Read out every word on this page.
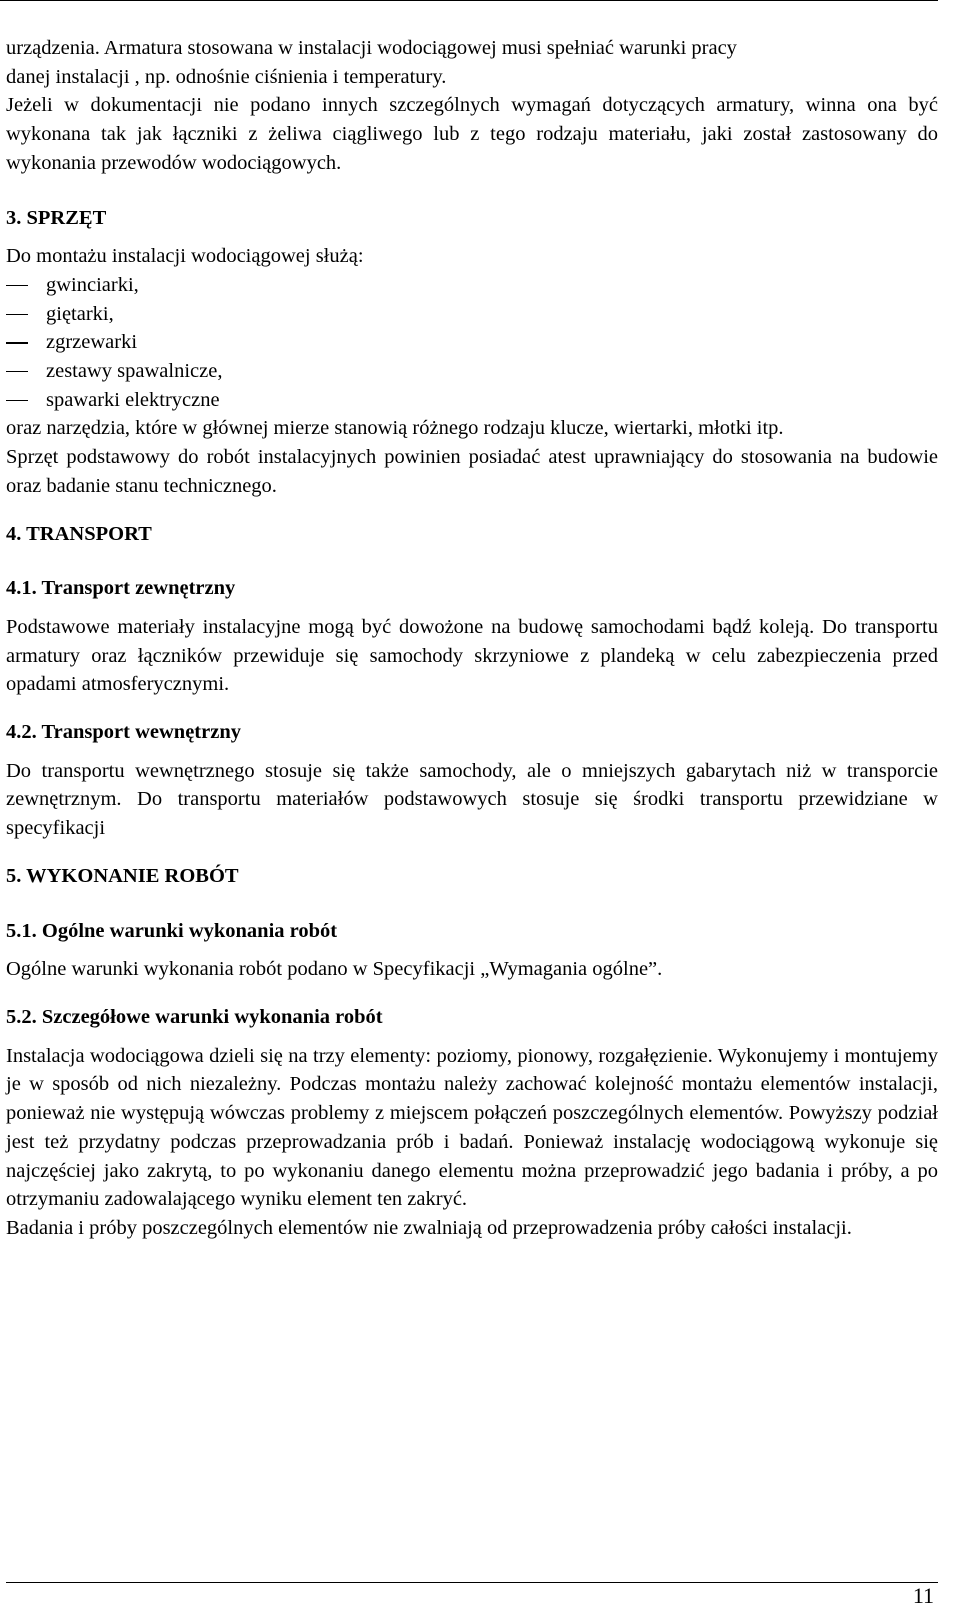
urządzenia. Armatura stosowana w instalacji wodociągowej musi spełniać warunki pracy

danej instalacji , np. odnośnie ciśnienia i temperatury.

Jeżeli w dokumentacji nie podano innych szczególnych wymagań dotyczących armatury, winna ona być wykonana tak jak łączniki z żeliwa ciągliwego lub z tego rodzaju materiału, jaki został zastosowany do wykonania przewodów wodociągowych.

3. SPRZĘT

Do montażu instalacji wodociągowej służą:

gwinciarki,
giętarki,
zgrzewarki
zestawy spawalnicze,
spawarki elektryczne

oraz narzędzia, które w głównej mierze stanowią różnego rodzaju klucze, wiertarki, młotki itp.

Sprzęt podstawowy do robót instalacyjnych powinien posiadać atest uprawniający do stosowania na budowie oraz badanie stanu technicznego.

4. TRANSPORT
4.1. Transport zewnętrzny

Podstawowe materiały instalacyjne mogą być dowożone na budowę samochodami bądź koleją. Do transportu armatury oraz łączników przewiduje się samochody skrzyniowe z plandeką w celu zabezpieczenia przed opadami atmosferycznymi.

4.2. Transport wewnętrzny

Do transportu wewnętrznego stosuje się także samochody, ale o mniejszych gabarytach niż w transporcie zewnętrznym. Do transportu materiałów podstawowych stosuje się środki transportu przewidziane w specyfikacji

5. WYKONANIE ROBÓT
5.1. Ogólne warunki wykonania robót

Ogólne warunki wykonania robót podano w Specyfikacji „Wymagania ogólne”.

5.2. Szczegółowe warunki wykonania robót

Instalacja wodociągowa dzieli się na trzy elementy: poziomy, pionowy, rozgałęzienie. Wykonujemy i montujemy je w sposób od nich niezależny. Podczas montażu należy zachować kolejność montażu elementów instalacji, ponieważ nie występują wówczas problemy z miejscem połączeń poszczególnych elementów. Powyższy podział jest też przydatny podczas przeprowadzania prób i badań. Ponieważ instalację wodociągową wykonuje się najczęściej jako zakrytą, to po wykonaniu danego elementu można przeprowadzić jego badania i próby, a po otrzymaniu zadowalającego wyniku element ten zakryć.

Badania i próby poszczególnych elementów nie zwalniają od przeprowadzenia próby całości instalacji.

11
